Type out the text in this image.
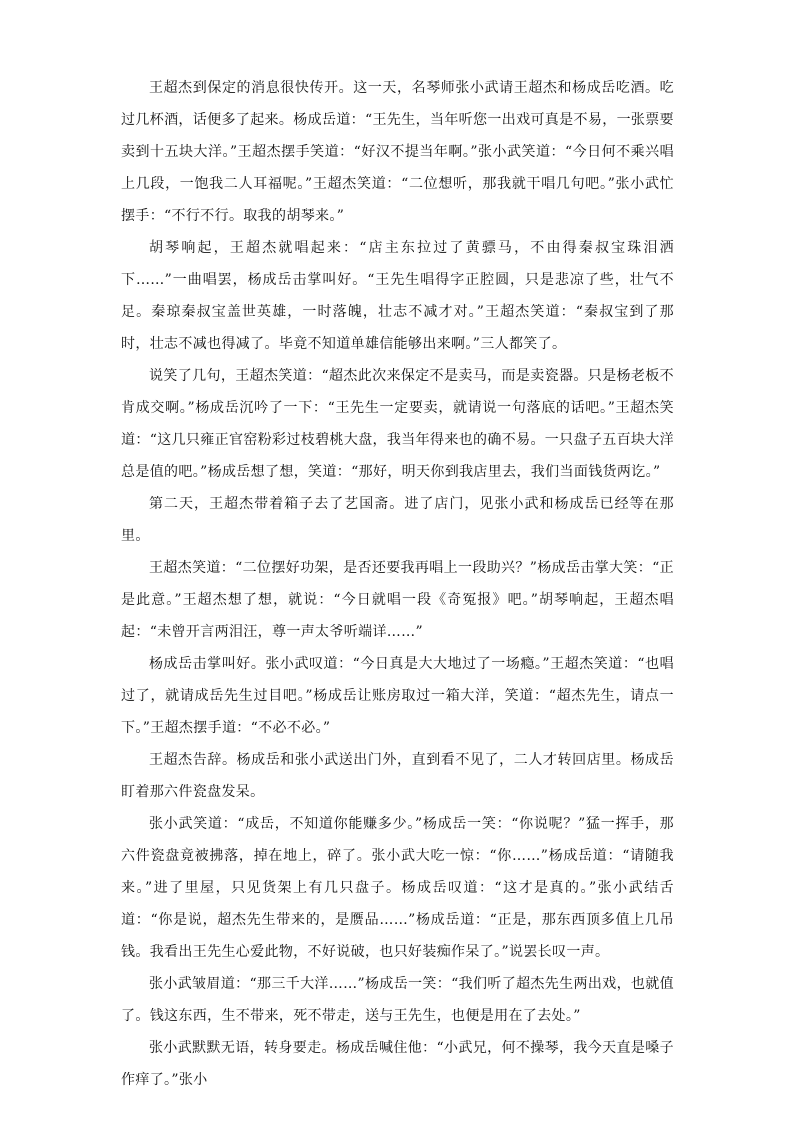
王超杰到保定的消息很快传开。这一天，名琴师张小武请王超杰和杨成岳吃酒。吃过几杯酒，话便多了起来。杨成岳道：“王先生，当年听您一出戏可真是不易，一张票要卖到十五块大洋。”王超杰摆手笑道：“好汉不提当年啊。”张小武笑道：“今日何不乘兴唱上几段，一饱我二人耳福呢。”王超杰笑道：“二位想听，那我就干唱几句吧。”张小武忙摆手：“不行不行。取我的胡琴来。”

胡琴响起，王超杰就唱起来：“店主东拉过了黄骠马，不由得秦叔宝珠泪洒下……”一曲唱罢，杨成岳击掌叫好。“王先生唱得字正腔圆，只是悲凉了些，壮气不足。秦琼秦叔宝盖世英雄，一时落魄，壮志不减才对。”王超杰笑道：“秦叔宝到了那时，壮志不减也得减了。毕竟不知道单雄信能够出来啊。”三人都笑了。

说笑了几句，王超杰笑道：“超杰此次来保定不是卖马，而是卖瓷器。只是杨老板不肯成交啊。”杨成岳沉吟了一下：“王先生一定要卖，就请说一句落底的话吧。”王超杰笑道：“这几只雍正官窑粉彩过枝碧桃大盘，我当年得来也的确不易。一只盘子五百块大洋总是值的吧。”杨成岳想了想，笑道：“那好，明天你到我店里去，我们当面钱货两讫。”

第二天，王超杰带着箱子去了艺国斋。进了店门，见张小武和杨成岳已经等在那里。

王超杰笑道：“二位摆好功架，是否还要我再唱上一段助兴？”杨成岳击掌大笑：“正是此意。”王超杰想了想，就说：“今日就唱一段《奇冤报》吧。”胡琴响起，王超杰唱起：“未曾开言两泪汪，尊一声太爷听端详……”

杨成岳击掌叫好。张小武叹道：“今日真是大大地过了一场瘾。”王超杰笑道：“也唱过了，就请成岳先生过目吧。”杨成岳让账房取过一箱大洋，笑道：“超杰先生，请点一下。”王超杰摆手道：“不必不必。”

王超杰告辞。杨成岳和张小武送出门外，直到看不见了，二人才转回店里。杨成岳盯着那六件瓷盘发呆。

张小武笑道：“成岳，不知道你能赚多少。”杨成岳一笑：“你说呢？”猛一挥手，那六件瓷盘竟被拂落，掉在地上，碎了。张小武大吃一惊：“你……”杨成岳道：“请随我来。”进了里屋，只见货架上有几只盘子。杨成岳叹道：“这才是真的。”张小武结舌道：“你是说，超杰先生带来的，是赝品……”杨成岳道：“正是，那东西顶多值上几吊钱。我看出王先生心爱此物，不好说破，也只好装痴作呆了。”说罢长叹一声。

张小武皱眉道：“那三千大洋……”杨成岳一笑：“我们听了超杰先生两出戏，也就值了。钱这东西，生不带来，死不带走，送与王先生，也便是用在了去处。”

张小武默默无语，转身要走。杨成岳喊住他：“小武兄，何不操琴，我今天直是嗓子作痒了。”张小
